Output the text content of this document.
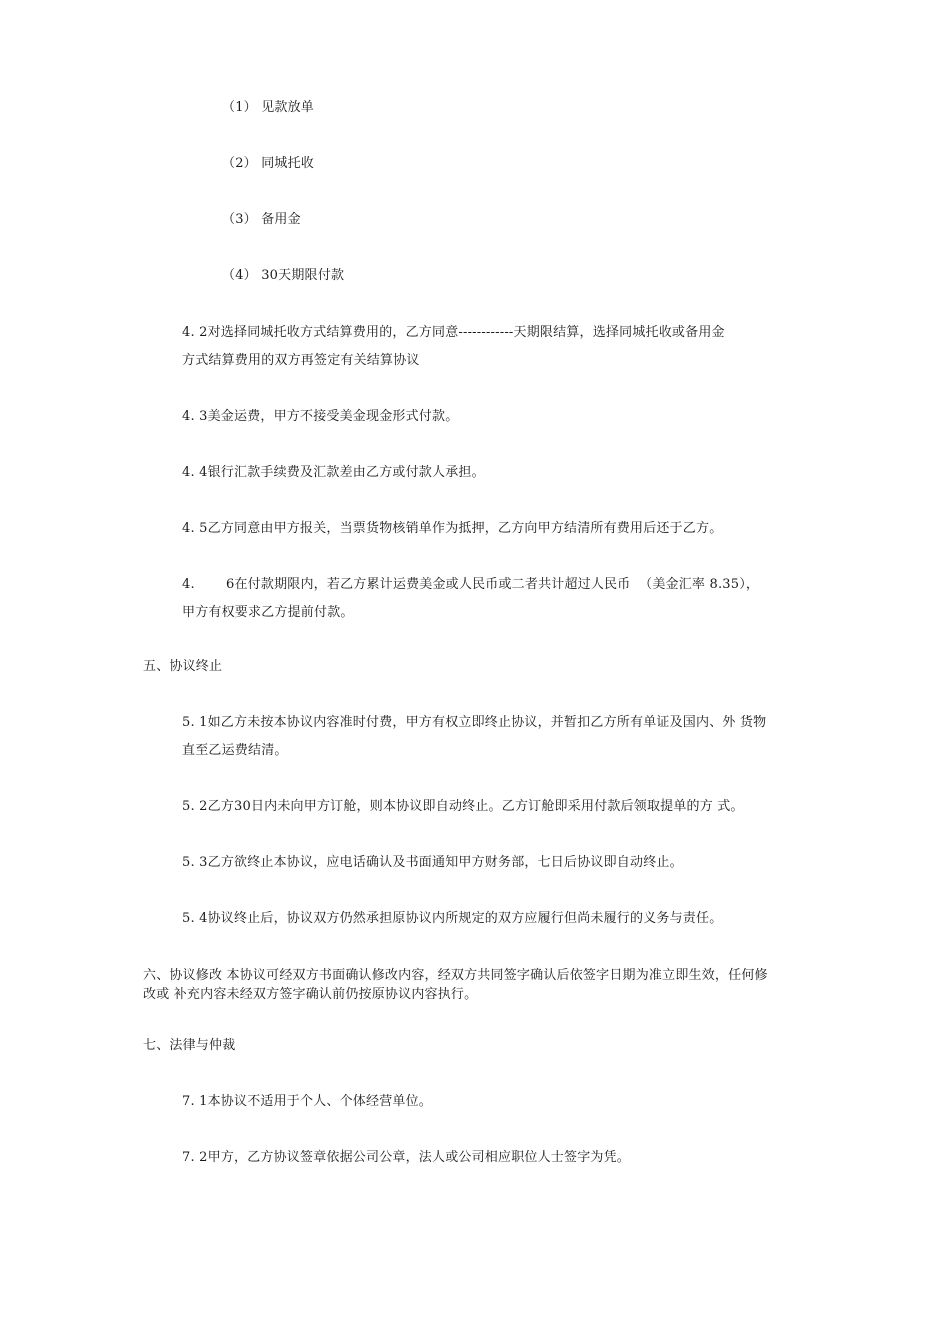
（1） 见款放单
（2） 同城托收
（3） 备用金
（4） 30天期限付款
4. 2对选择同城托收方式结算费用的，乙方同意------------天期限结算，选择同城托收或备用金
方式结算费用的双方再签定有关结算协议
4. 3美金运费，甲方不接受美金现金形式付款。
4. 4银行汇款手续费及汇款差由乙方或付款人承担。
4. 5乙方同意由甲方报关，当票货物核销单作为抵押，乙方向甲方结清所有费用后还于乙方。
4. 6在付款期限内，若乙方累计运费美金或人民币或二者共计超过人民币  （美金汇率 8.35），
甲方有权要求乙方提前付款。
五、协议终止
5. 1如乙方未按本协议内容准时付费，甲方有权立即终止协议，并暂扣乙方所有单证及国内、外 货物
直至乙运费结清。
5. 2乙方30日内未向甲方订舱，则本协议即自动终止。乙方订舱即采用付款后领取提单的方 式。
5. 3乙方欲终止本协议，应电话确认及书面通知甲方财务部，七日后协议即自动终止。
5. 4协议终止后，协议双方仍然承担原协议内所规定的双方应履行但尚未履行的义务与责任。
六、协议修改 本协议可经双方书面确认修改内容，经双方共同签字确认后依签字日期为准立即生效，任何修
改或 补充内容未经双方签字确认前仍按原协议内容执行。
七、法律与仲裁
7. 1本协议不适用于个人、个体经营单位。
7. 2甲方，乙方协议签章依据公司公章，法人或公司相应职位人士签字为凭。
